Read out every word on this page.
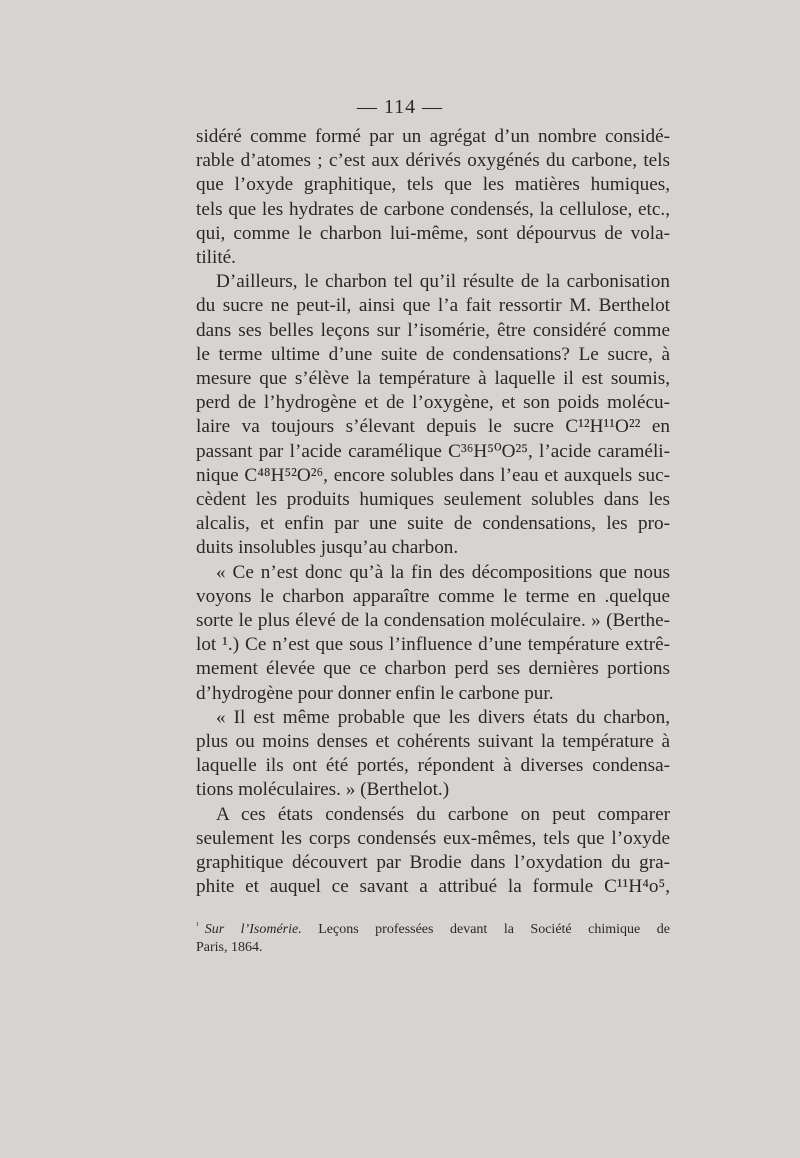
— 114 —
sidéré comme formé par un agrégat d’un nombre considé-
rable d’atomes ; c’est aux dérivés oxygénés du carbone, tels
que l’oxyde graphitique, tels que les matières humiques,
tels que les hydrates de carbone condensés, la cellulose, etc.,
qui, comme le charbon lui-même, sont dépourvus de vola-
tilité.
D’ailleurs, le charbon tel qu’il résulte de la carbonisation
du sucre ne peut-il, ainsi que l’a fait ressortir M. Berthelot
dans ses belles leçons sur l’isomérie, être considéré comme
le terme ultime d’une suite de condensations? Le sucre, à
mesure que s’élève la température à laquelle il est soumis,
perd de l’hydrogène et de l’oxygène, et son poids molécu-
laire va toujours s’élevant depuis le sucre C¹²H¹¹O²² en
passant par l’acide caramélique C³⁶H⁵⁰O²⁵, l’acide caraméli-
nique C⁴⁸H⁵²O²⁶, encore solubles dans l’eau et auxquels suc-
cèdent les produits humiques seulement solubles dans les
alcalis, et enfin par une suite de condensations, les pro-
duits insolubles jusqu’au charbon.
« Ce n’est donc qu’à la fin des décompositions que nous
voyons le charbon apparaître comme le terme en .quelque
sorte le plus élevé de la condensation moléculaire. » (Berthe-
lot ¹.) Ce n’est que sous l’influence d’une température extrê-
mement élevée que ce charbon perd ses dernières portions
d’hydrogène pour donner enfin le carbone pur.
« Il est même probable que les divers états du charbon,
plus ou moins denses et cohérents suivant la température à
laquelle ils ont été portés, répondent à diverses condensa-
tions moléculaires. » (Berthelot.)
A ces états condensés du carbone on peut comparer
seulement les corps condensés eux-mêmes, tels que l’oxyde
graphitique découvert par Brodie dans l’oxydation du gra-
phite et auquel ce savant a attribué la formule C¹¹H⁴o⁵,
$^{^1}$ Sur l’Isomérie. Leçons professées devant la Société chimique de
Paris, 1864.
